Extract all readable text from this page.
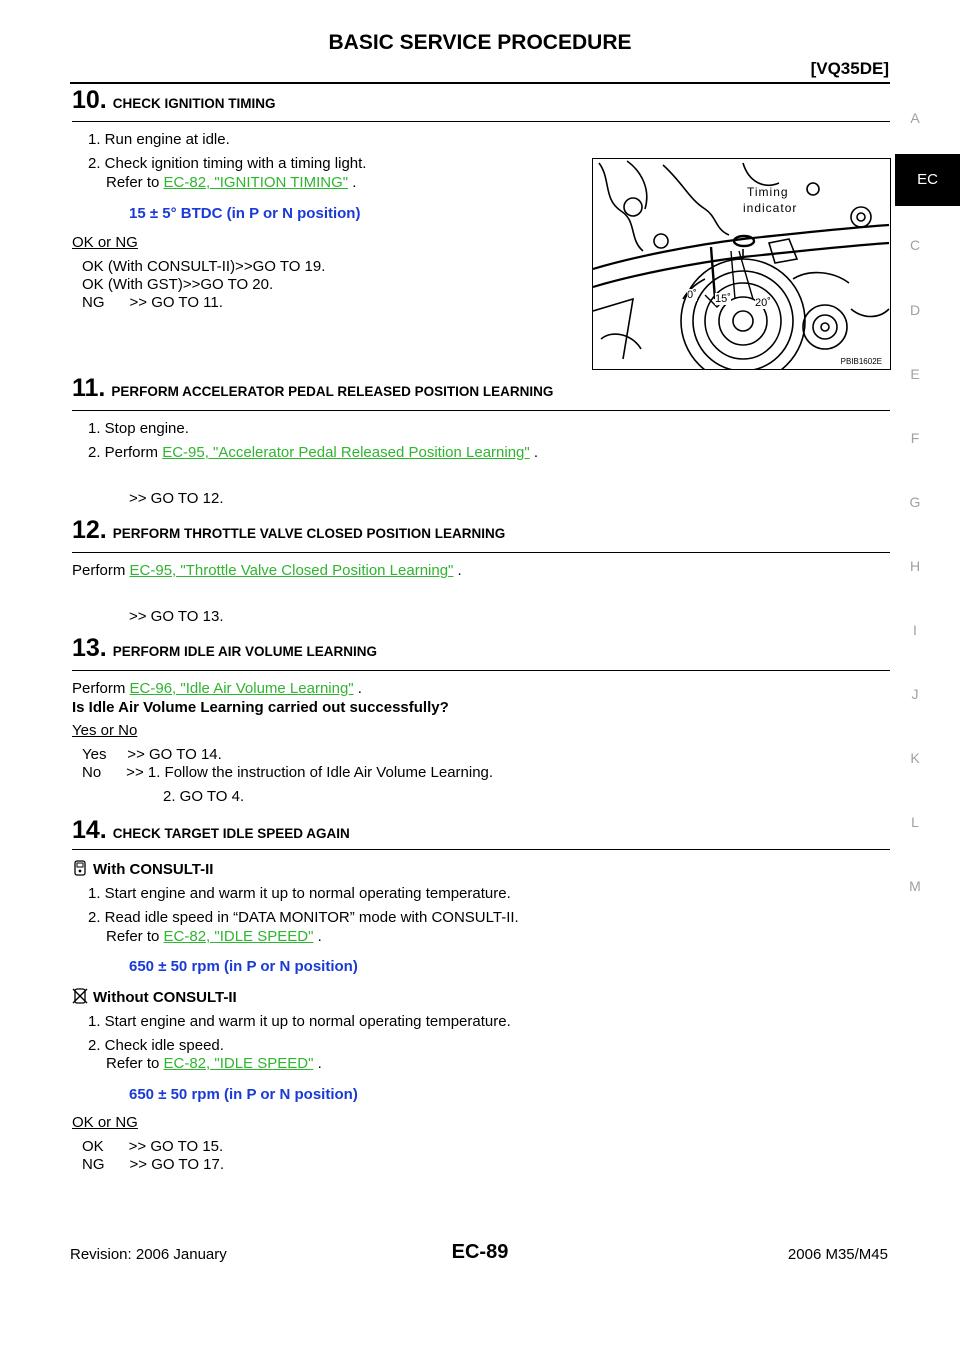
BASIC SERVICE PROCEDURE
[VQ35DE]
EC
A
C
D
E
F
G
H
I
J
K
L
M
10. CHECK IGNITION TIMING
1. Run engine at idle.
2. Check ignition timing with a timing light.
Refer to EC-82, "IGNITION TIMING" .
15 ± 5° BTDC (in P or N position)
OK or NG
OK (With CONSULT-II)>>GO TO 19.
OK (With GST)>>GO TO 20.
NG      >> GO TO 11.
Timing
indicator
0˚ 15˚ 20˚
PBIB1602E
11. PERFORM ACCELERATOR PEDAL RELEASED POSITION LEARNING
1. Stop engine.
2. Perform EC-95, "Accelerator Pedal Released Position Learning" .
>> GO TO 12.
12. PERFORM THROTTLE VALVE CLOSED POSITION LEARNING
Perform EC-95, "Throttle Valve Closed Position Learning" .
>> GO TO 13.
13. PERFORM IDLE AIR VOLUME LEARNING
Perform EC-96, "Idle Air Volume Learning" .
Is Idle Air Volume Learning carried out successfully?
Yes or No
Yes     >> GO TO 14.
No      >> 1. Follow the instruction of Idle Air Volume Learning.
2. GO TO 4.
14. CHECK TARGET IDLE SPEED AGAIN
With CONSULT-II
1. Start engine and warm it up to normal operating temperature.
2. Read idle speed in “DATA MONITOR” mode with CONSULT-II.
Refer to EC-82, "IDLE SPEED" .
650 ± 50 rpm (in P or N position)
Without CONSULT-II
1. Start engine and warm it up to normal operating temperature.
2. Check idle speed.
Refer to EC-82, "IDLE SPEED" .
650 ± 50 rpm (in P or N position)
OK or NG
OK      >> GO TO 15.
NG      >> GO TO 17.
Revision: 2006 January	EC-89	2006 M35/M45
